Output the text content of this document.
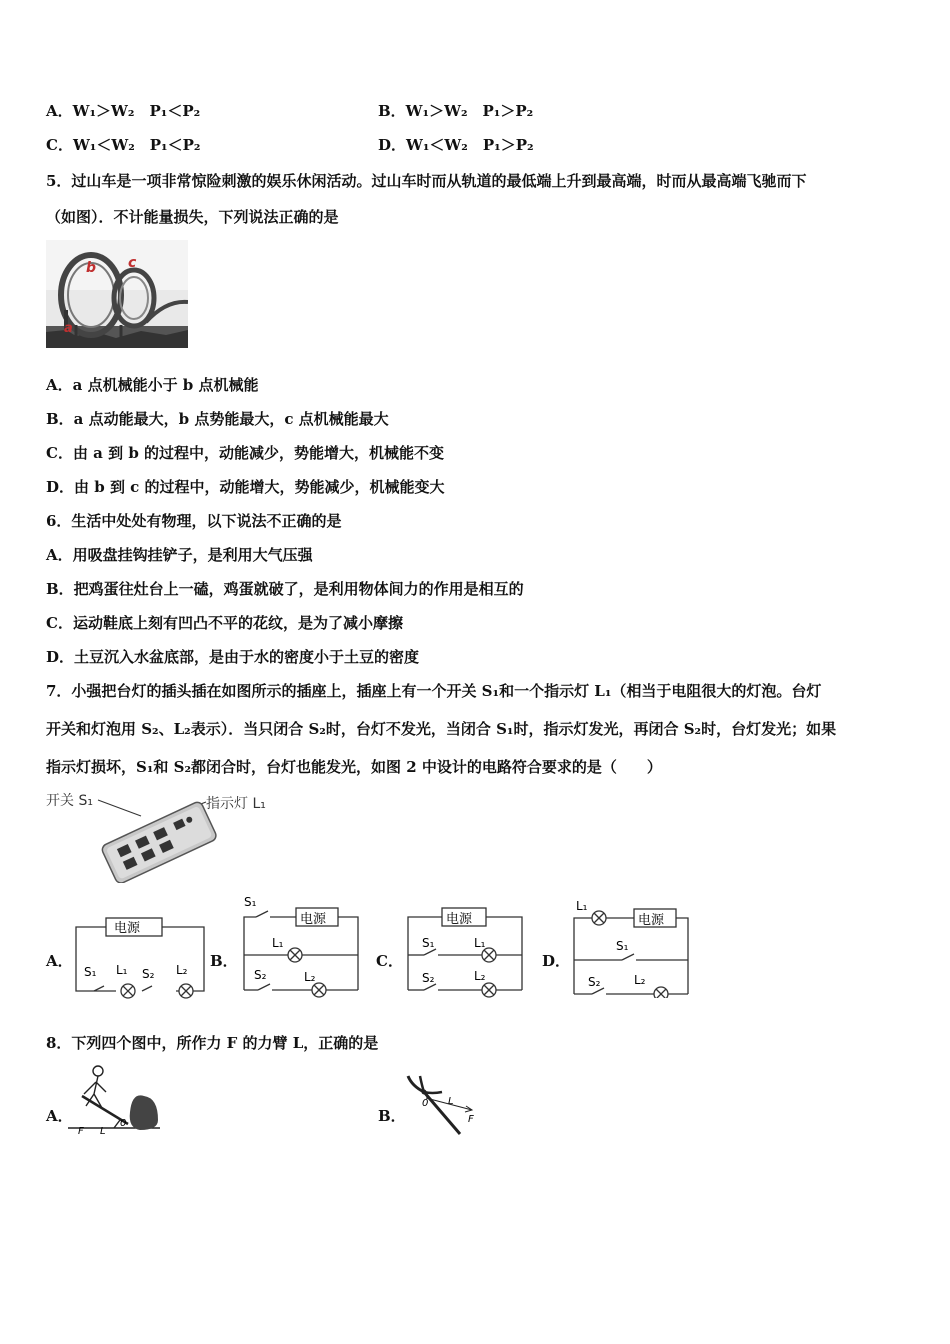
A．W₁＞W₂　P₁＜P₂	B．W₁＞W₂　P₁＞P₂
C．W₁＜W₂　P₁＜P₂	D．W₁＜W₂　P₁＞P₂
5．过山车是一项非常惊险刺激的娱乐休闲活动。过山车时而从轨道的最低端上升到最高端，时而从最高端飞驰而下
（如图）．不计能量损失，下列说法正确的是
b c
a
A．a 点机械能小于 b 点机械能
B．a 点动能最大，b 点势能最大，c 点机械能最大
C．由 a 到 b 的过程中，动能减少，势能增大，机械能不变
D．由 b 到 c 的过程中，动能增大，势能减少，机械能变大
6．生活中处处有物理，以下说法不正确的是
A．用吸盘挂钩挂铲子，是利用大气压强
B．把鸡蛋往灶台上一磕，鸡蛋就破了，是利用物体间力的作用是相互的
C．运动鞋底上刻有凹凸不平的花纹，是为了减小摩擦
D．土豆沉入水盆底部，是由于水的密度小于土豆的密度
7．小强把台灯的插头插在如图所示的插座上，插座上有一个开关 S₁和一个指示灯 L₁（相当于电阻很大的灯泡。台灯
开关和灯泡用 S₂、L₂表示）．当只闭合 S₂时，台灯不发光，当闭合 S₁时，指示灯发光，再闭合 S₂时，台灯发光；如果
指示灯损坏，S₁和 S₂都闭合时，台灯也能发光，如图 2 中设计的电路符合要求的是（　　）
开关 S₁	指示灯 L₁
A．	B．	C．	D．
电源
S₁ L₁ S₂ L₂
电源
S₁
L₁
S₂	L₂
电源
S₁	L₁
S₂	L₂
电源
L₁
S₁
S₂	L₂
8．下列四个图中，所作力 F 的力臂 L，正确的是
A．
F L
0	B．
0 L
F
